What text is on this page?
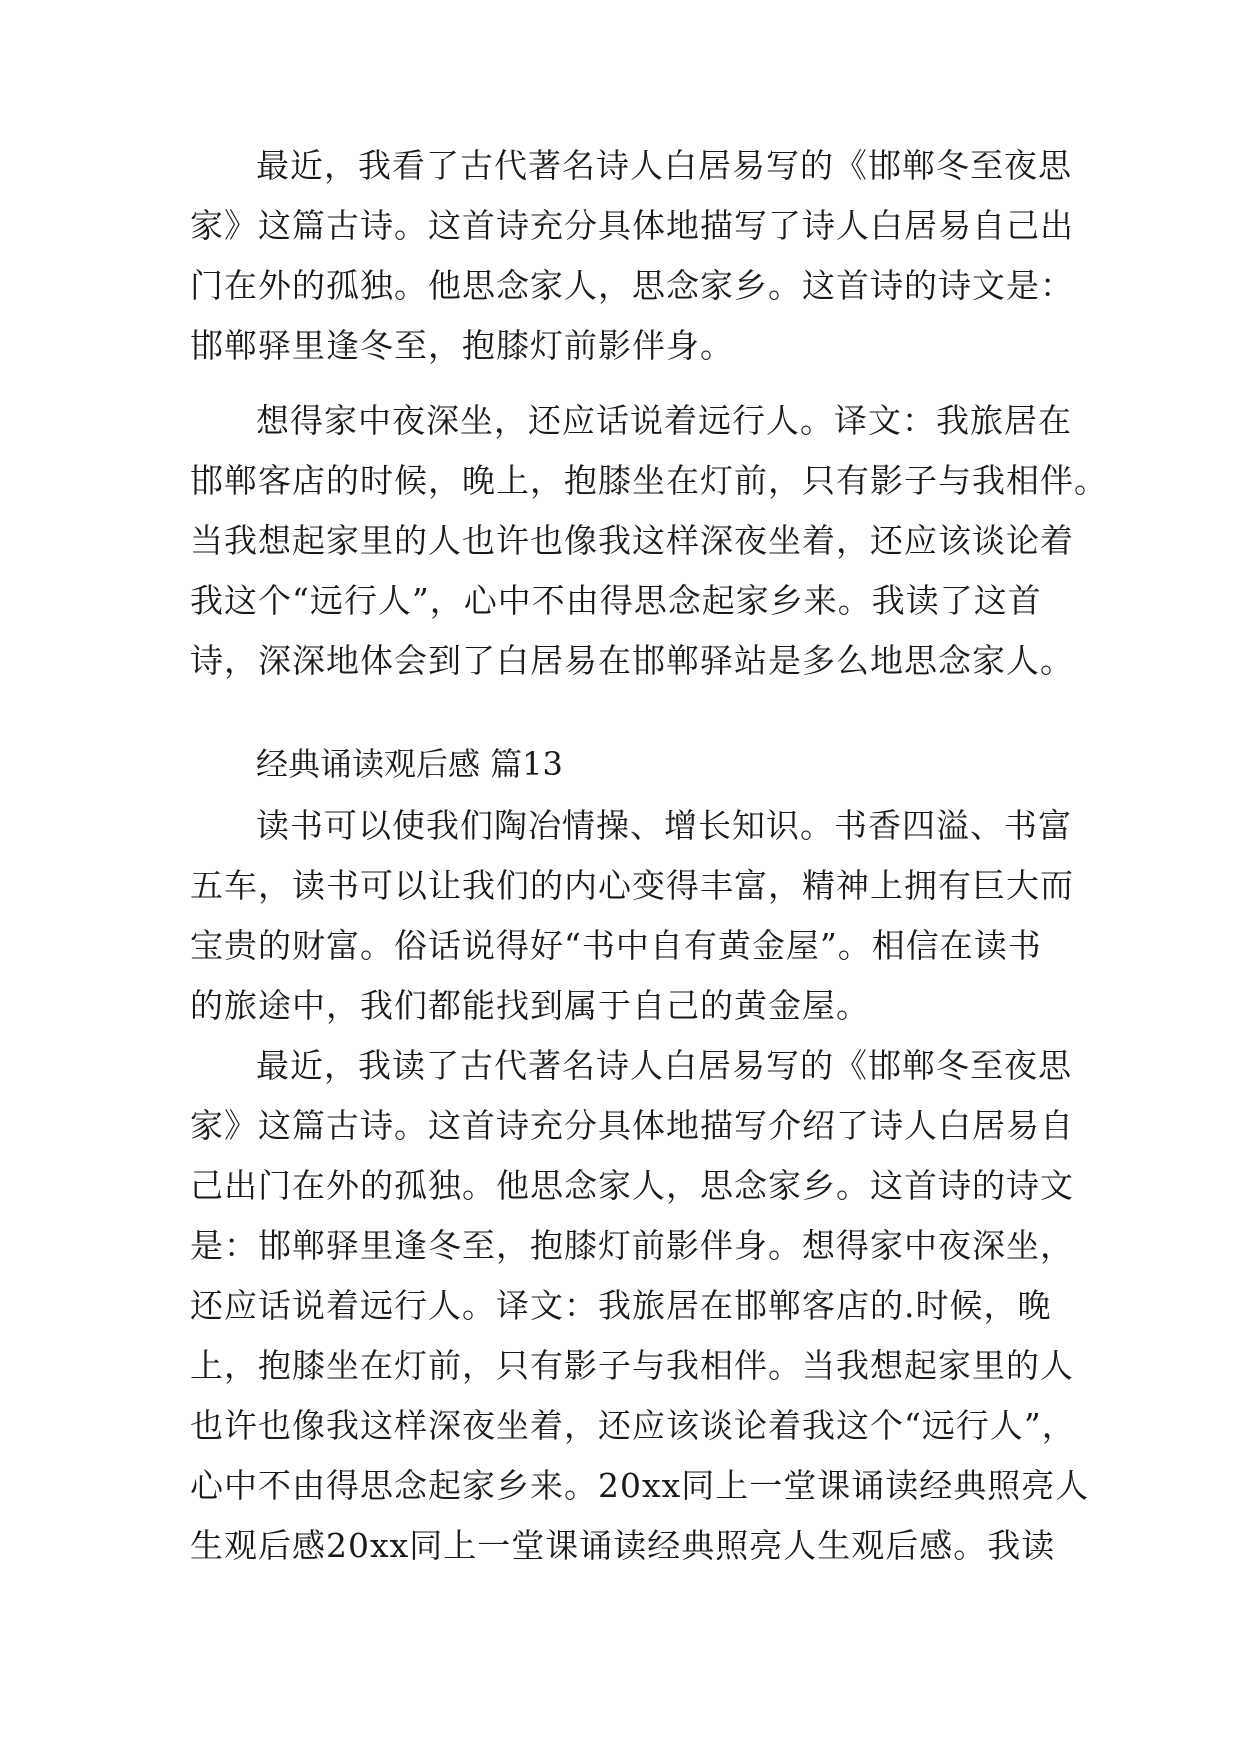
最近，我看了古代著名诗人白居易写的《邯郸冬至夜思
家》这篇古诗。这首诗充分具体地描写了诗人白居易自己出
门在外的孤独。他思念家人，思念家乡。这首诗的诗文是：
邯郸驿里逢冬至，抱膝灯前影伴身。
想得家中夜深坐，还应话说着远行人。译文：我旅居在
邯郸客店的时候，晚上，抱膝坐在灯前，只有影子与我相伴。
当我想起家里的人也许也像我这样深夜坐着，还应该谈论着
我这个“远行人”，心中不由得思念起家乡来。我读了这首
诗，深深地体会到了白居易在邯郸驿站是多么地思念家人。
经典诵读观后感 篇13
读书可以使我们陶冶情操、增长知识。书香四溢、书富
五车，读书可以让我们的内心变得丰富，精神上拥有巨大而
宝贵的财富。俗话说得好“书中自有黄金屋”。相信在读书
的旅途中，我们都能找到属于自己的黄金屋。
最近，我读了古代著名诗人白居易写的《邯郸冬至夜思
家》这篇古诗。这首诗充分具体地描写介绍了诗人白居易自
己出门在外的孤独。他思念家人，思念家乡。这首诗的诗文
是：邯郸驿里逢冬至，抱膝灯前影伴身。想得家中夜深坐，
还应话说着远行人。译文：我旅居在邯郸客店的.时候，晚
上，抱膝坐在灯前，只有影子与我相伴。当我想起家里的人
也许也像我这样深夜坐着，还应该谈论着我这个“远行人”，
心中不由得思念起家乡来。20xx同上一堂课诵读经典照亮人
生观后感20xx同上一堂课诵读经典照亮人生观后感。我读
